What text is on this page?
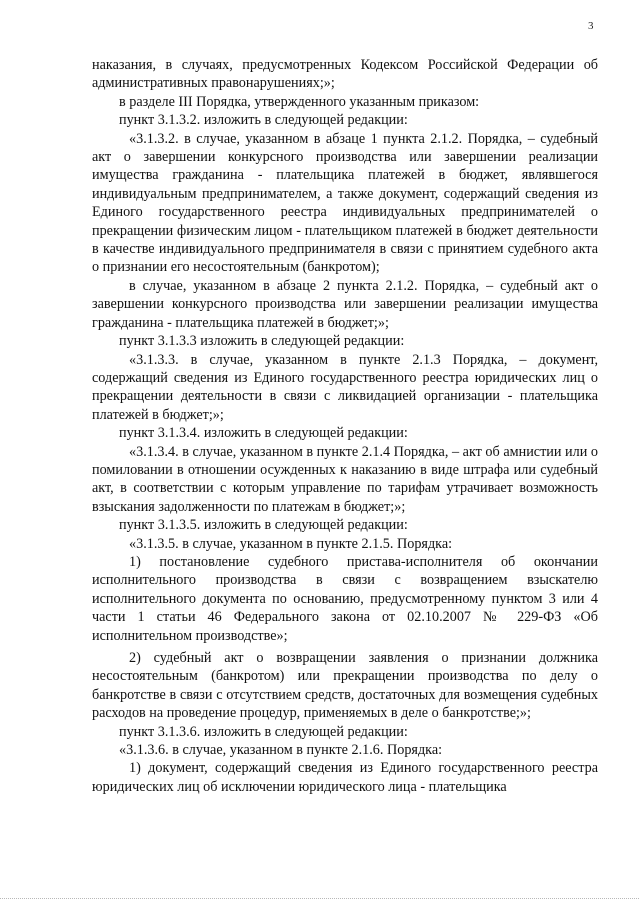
3

наказания, в случаях, предусмотренных Кодексом Российской Федерации об административных правонарушениях;»;

в разделе III Порядка, утвержденного указанным приказом:

пункт 3.1.3.2. изложить в следующей редакции:

«3.1.3.2. в случае, указанном в абзаце 1 пункта 2.1.2. Порядка, – судебный акт о завершении конкурсного производства или завершении реализации имущества гражданина - плательщика платежей в бюджет, являвшегося индивидуальным предпринимателем, а также документ, содержащий сведения из Единого государственного реестра индивидуальных предпринимателей о прекращении физическим лицом - плательщиком платежей в бюджет деятельности в качестве индивидуального предпринимателя в связи с принятием судебного акта о признании его несостоятельным (банкротом);

в случае, указанном в абзаце 2 пункта 2.1.2. Порядка, – судебный акт о завершении конкурсного производства или завершении реализации имущества гражданина - плательщика платежей в бюджет;»;

пункт 3.1.3.3 изложить в следующей редакции:

«3.1.3.3. в случае, указанном в пункте 2.1.3 Порядка, – документ, содержащий сведения из Единого государственного реестра юридических лиц о прекращении деятельности в связи с ликвидацией организации - плательщика платежей в бюджет;»;

пункт 3.1.3.4. изложить в следующей редакции:

«3.1.3.4. в случае, указанном в пункте 2.1.4 Порядка, – акт об амнистии или о помиловании в отношении осужденных к наказанию в виде штрафа или судебный акт, в соответствии с которым управление по тарифам утрачивает возможность взыскания задолженности по платежам в бюджет;»;

пункт 3.1.3.5. изложить в следующей редакции:

«3.1.3.5. в случае, указанном в пункте 2.1.5. Порядка:

1) постановление судебного пристава-исполнителя об окончании исполнительного производства в связи с возвращением взыскателю исполнительного документа по основанию, предусмотренному пунктом 3 или 4 части 1 статьи 46 Федерального закона от 02.10.2007 № 229-ФЗ «Об исполнительном производстве»;

2) судебный акт о возвращении заявления о признании должника несостоятельным (банкротом) или прекращении производства по делу о банкротстве в связи с отсутствием средств, достаточных для возмещения судебных расходов на проведение процедур, применяемых в деле о банкротстве;»;

пункт 3.1.3.6. изложить в следующей редакции:

«3.1.3.6. в случае, указанном в пункте 2.1.6. Порядка:

1) документ, содержащий сведения из Единого государственного реестра юридических лиц об исключении юридического лица - плательщика
